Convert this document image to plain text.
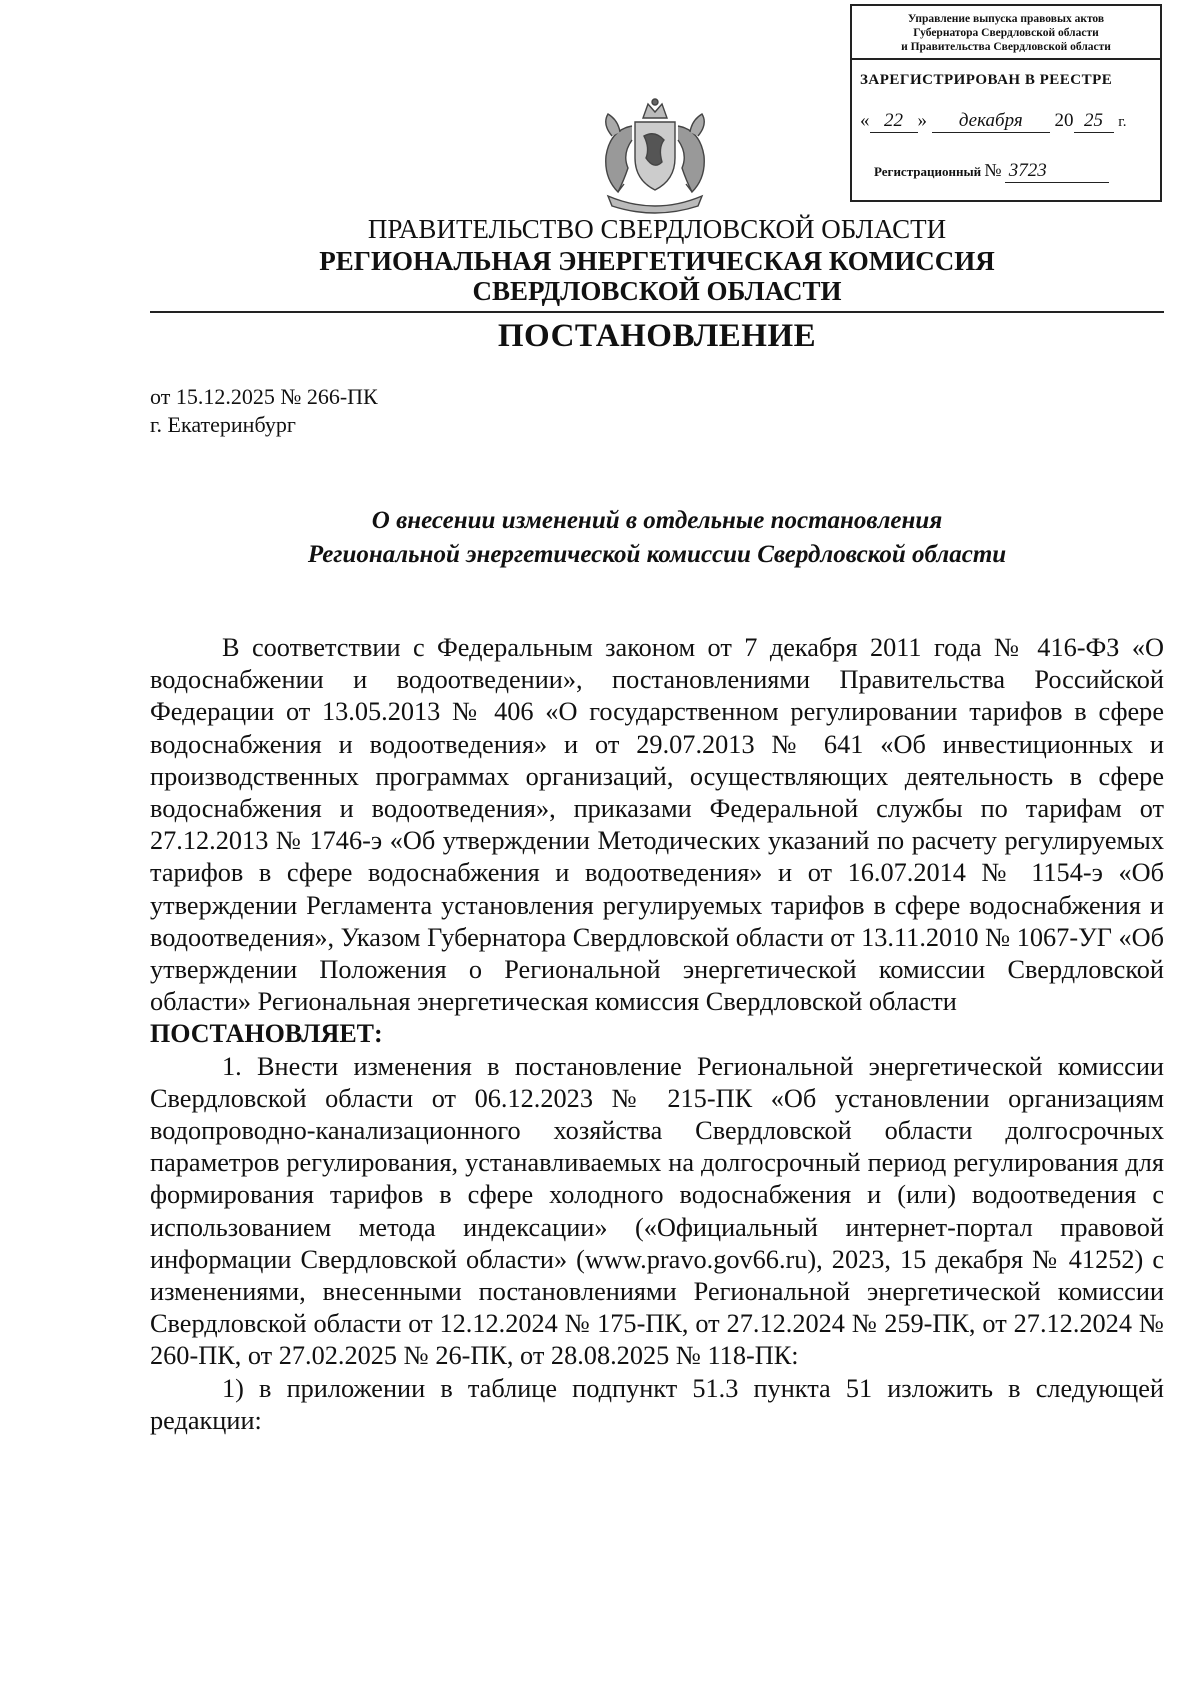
Управление выпуска правовых актов
Губернатора Свердловской области
и Правительства Свердловской области
ЗАРЕГИСТРИРОВАН В РЕЕСТРЕ
« 22 » декабря 20 25 г.
Регистрационный № 3723
ПРАВИТЕЛЬСТВО СВЕРДЛОВСКОЙ ОБЛАСТИ
РЕГИОНАЛЬНАЯ ЭНЕРГЕТИЧЕСКАЯ КОМИССИЯ
СВЕРДЛОВСКОЙ ОБЛАСТИ
ПОСТАНОВЛЕНИЕ
от 15.12.2025 № 266-ПК
г. Екатеринбург
О внесении изменений в отдельные постановления
Региональной энергетической комиссии Свердловской области

В соответствии с Федеральным законом от 7 декабря 2011 года № 416-ФЗ «О водоснабжении и водоотведении», постановлениями Правительства Российской Федерации от 13.05.2013 № 406 «О государственном регулировании тарифов в сфере водоснабжения и водоотведения» и от 29.07.2013 № 641 «Об инвестиционных и производственных программах организаций, осуществляющих деятельность в сфере водоснабжения и водоотведения», приказами Федеральной службы по тарифам от 27.12.2013 № 1746-э «Об утверждении Методических указаний по расчету регулируемых тарифов в сфере водоснабжения и водоотведения» и от 16.07.2014 № 1154-э «Об утверждении Регламента установления регулируемых тарифов в сфере водоснабжения и водоотведения», Указом Губернатора Свердловской области от 13.11.2010 № 1067-УГ «Об утверждении Положения о Региональной энергетической комиссии Свердловской области» Региональная энергетическая комиссия Свердловской области

ПОСТАНОВЛЯЕТ:

1. Внести изменения в постановление Региональной энергетической комиссии Свердловской области от 06.12.2023 № 215-ПК «Об установлении организациям водопроводно-канализационного хозяйства Свердловской области долгосрочных параметров регулирования, устанавливаемых на долгосрочный период регулирования для формирования тарифов в сфере холодного водоснабжения и (или) водоотведения с использованием метода индексации» («Официальный интернет-портал правовой информации Свердловской области» (www.pravo.gov66.ru), 2023, 15 декабря № 41252) с изменениями, внесенными постановлениями Региональной энергетической комиссии Свердловской области от 12.12.2024 № 175-ПК, от 27.12.2024 № 259-ПК, от 27.12.2024 № 260-ПК, от 27.02.2025 № 26-ПК, от 28.08.2025 № 118-ПК:

1) в приложении в таблице подпункт 51.3 пункта 51 изложить в следующей редакции:
